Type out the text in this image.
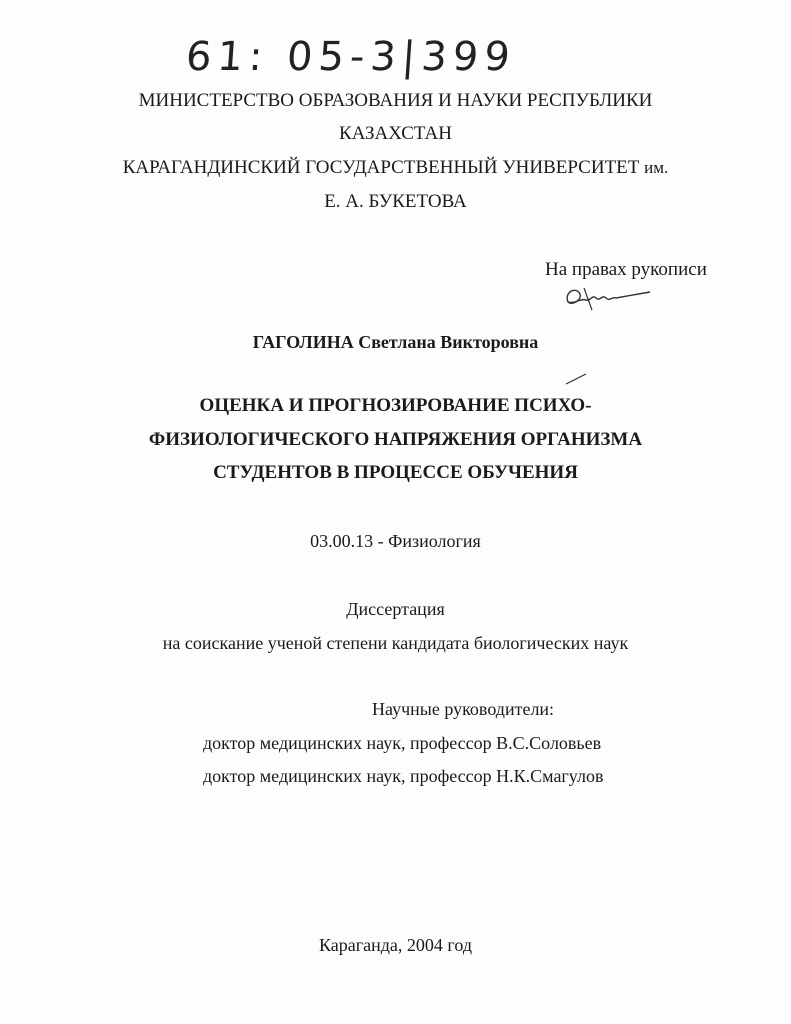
61: 05-3|399
МИНИСТЕРСТВО ОБРАЗОВАНИЯ И НАУКИ РЕСПУБЛИКИ
КАЗАХСТАН
КАРАГАНДИНСКИЙ ГОСУДАРСТВЕННЫЙ УНИВЕРСИТЕТ им.
Е. А. БУКЕТОВА
На правах рукописи
ГАГОЛИНА Светлана Викторовна
ОЦЕНКА И ПРОГНОЗИРОВАНИЕ ПСИХО-
ФИЗИОЛОГИЧЕСКОГО НАПРЯЖЕНИЯ ОРГАНИЗМА
СТУДЕНТОВ В ПРОЦЕССЕ ОБУЧЕНИЯ
03.00.13 - Физиология
Диссертация
на соискание ученой степени кандидата биологических наук
Научные руководители:
доктор медицинских наук, профессор В.С.Соловьев
доктор медицинских наук, профессор Н.К.Смагулов
Караганда, 2004 год
